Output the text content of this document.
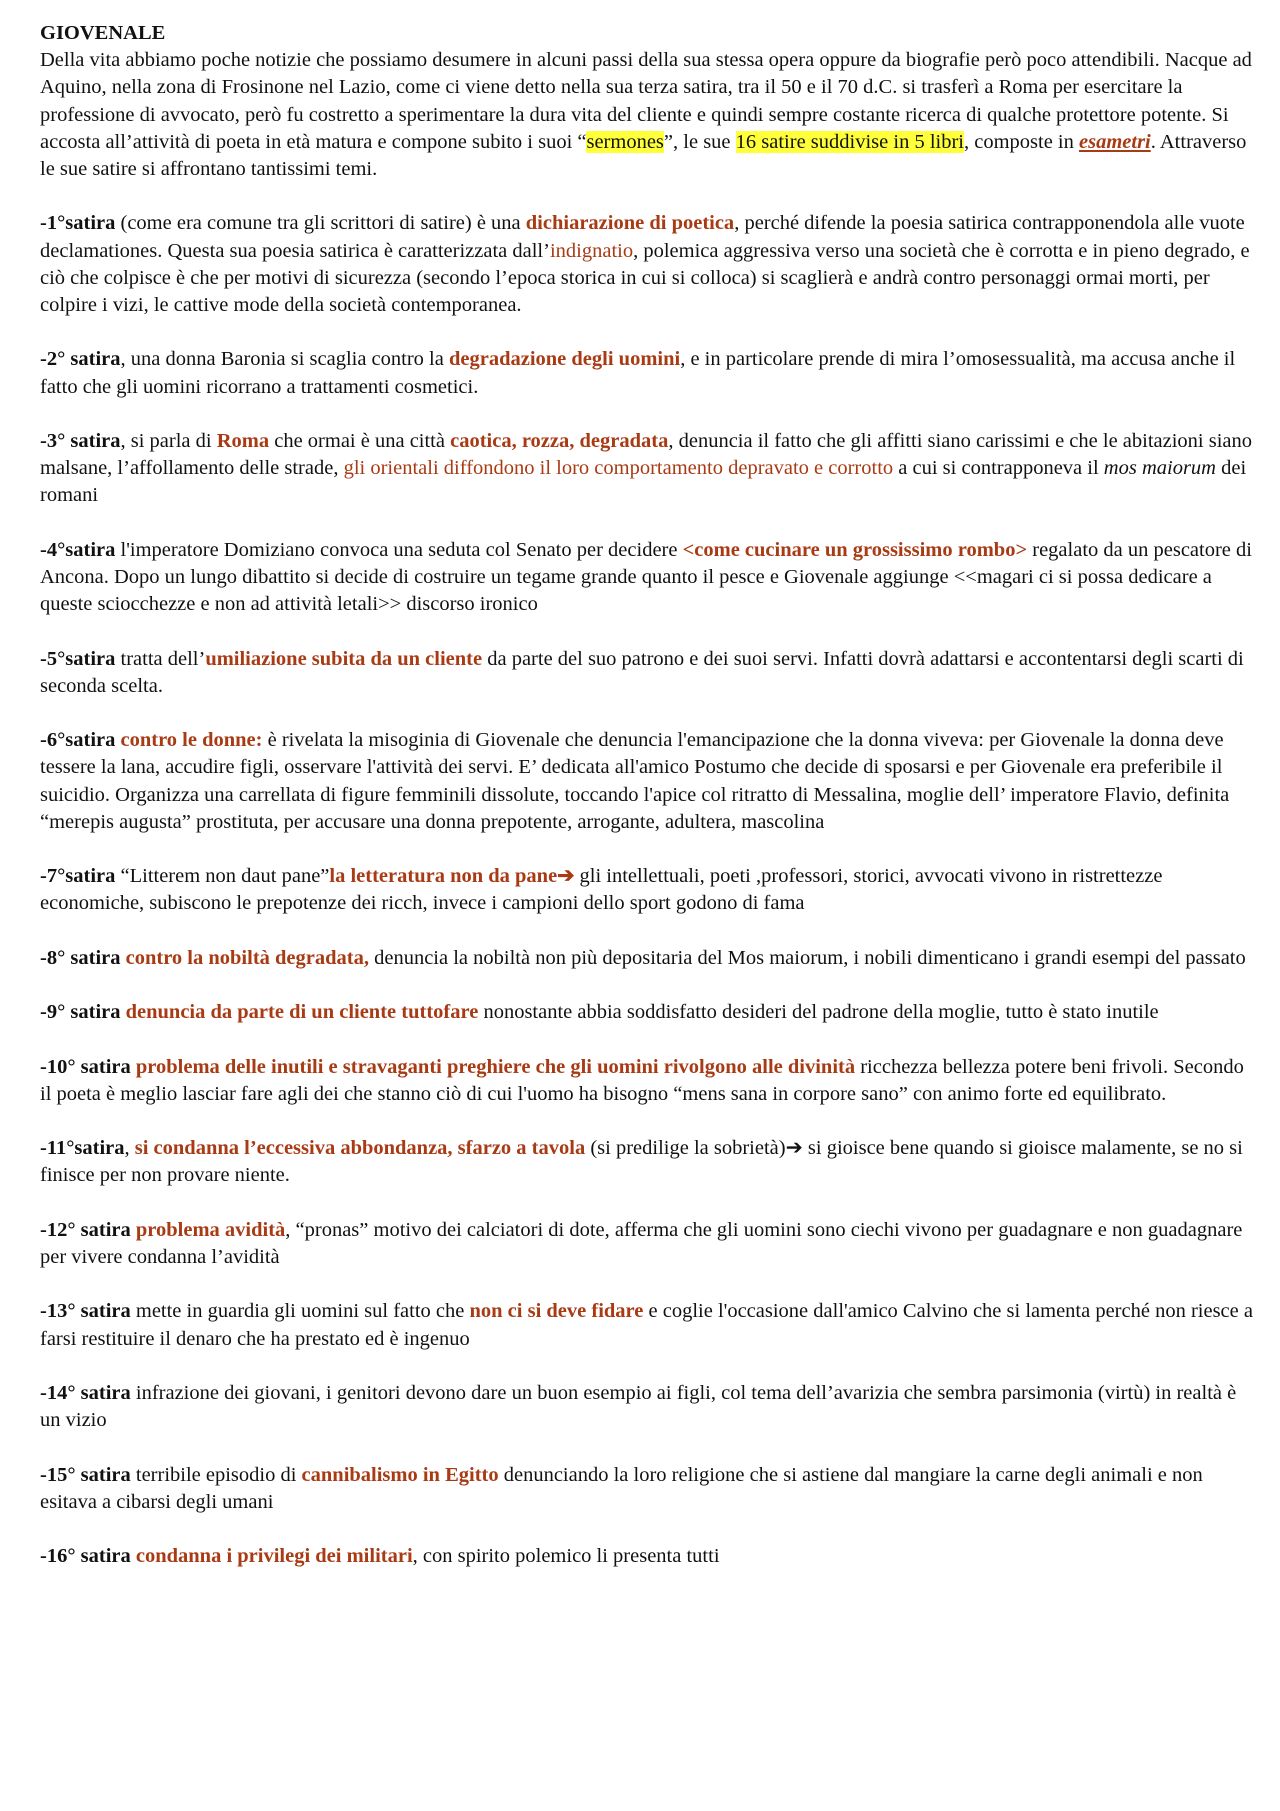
GIOVENALE

Della vita abbiamo poche notizie che possiamo desumere in alcuni passi della sua stessa opera oppure da biografie però poco attendibili. Nacque ad Aquino, nella zona di Frosinone nel Lazio, come ci viene detto nella sua terza satira, tra il 50 e il 70 d.C. si trasferì a Roma per esercitare la professione di avvocato, però fu costretto a sperimentare la dura vita del cliente e quindi sempre costante ricerca di qualche protettore potente. Si accosta all’attività di poeta in età matura e compone subito i suoi “sermones”, le sue 16 satire suddivise in 5 libri, composte in esametri. Attraverso le sue satire si affrontano tantissimi temi.

-1°satira (come era comune tra gli scrittori di satire) è una dichiarazione di poetica, perché difende la poesia satirica contrapponendola alle vuote declamationes. Questa sua poesia satirica è caratterizzata dall’indignatio, polemica aggressiva verso una società che è corrotta e in pieno degrado, e ciò che colpisce è che per motivi di sicurezza (secondo l’epoca storica in cui si colloca) si scaglierà e andrà contro personaggi ormai morti, per colpire i vizi, le cattive mode della società contemporanea.

-2° satira, una donna Baronia si scaglia contro la degradazione degli uomini, e in particolare prende di mira l’omosessualità, ma accusa anche il fatto che gli uomini ricorrano a trattamenti cosmetici.

-3° satira, si parla di Roma che ormai è una città caotica, rozza, degradata, denuncia il fatto che gli affitti siano carissimi e che le abitazioni siano malsane, l’affollamento delle strade, gli orientali diffondono il loro comportamento depravato e corrotto a cui si contrapponeva il mos maiorum dei romani

-4°satira l'imperatore Domiziano convoca una seduta col Senato per decidere <come cucinare un grossissimo rombo> regalato da un pescatore di Ancona. Dopo un lungo dibattito si decide di costruire un tegame grande quanto il pesce e Giovenale aggiunge <<magari ci si possa dedicare a queste sciocchezze e non ad attività letali>> discorso ironico

-5°satira tratta dell’umiliazione subita da un cliente da parte del suo patrono e dei suoi servi. Infatti dovrà adattarsi e accontentarsi degli scarti di seconda scelta.

-6°satira contro le donne: è rivelata la misoginia di Giovenale che denuncia l'emancipazione che la donna viveva: per Giovenale la donna deve tessere la lana, accudire figli, osservare l'attività dei servi. E’ dedicata all'amico Postumo che decide di sposarsi e per Giovenale era preferibile il suicidio. Organizza una carrellata di figure femminili dissolute, toccando l'apice col ritratto di Messalina, moglie dell’ imperatore Flavio, definita “merepis augusta” prostituta, per accusare una donna prepotente, arrogante, adultera, mascolina

-7°satira “Litterem non daut pane”la letteratura non da pane➔ gli intellettuali, poeti ,professori, storici, avvocati vivono in ristrettezze economiche, subiscono le prepotenze dei ricch, invece i campioni dello sport godono di fama

-8° satira contro la nobiltà degradata, denuncia la nobiltà non più depositaria del Mos maiorum, i nobili dimenticano i grandi esempi del passato

-9° satira denuncia da parte di un cliente tuttofare nonostante abbia soddisfatto desideri del padrone della moglie, tutto è stato inutile

-10° satira problema delle inutili e stravaganti preghiere che gli uomini rivolgono alle divinità ricchezza bellezza potere beni frivoli. Secondo il poeta è meglio lasciar fare agli dei che stanno ciò di cui l'uomo ha bisogno “mens sana in corpore sano” con animo forte ed equilibrato.

-11°satira, si condanna l’eccessiva abbondanza, sfarzo a tavola (si predilige la sobrietà)➔ si gioisce bene quando si gioisce malamente, se no si finisce per non provare niente.

-12° satira problema avidità, “pronas” motivo dei calciatori di dote, afferma che gli uomini sono ciechi vivono per guadagnare e non guadagnare per vivere condanna l’avidità

-13° satira mette in guardia gli uomini sul fatto che non ci si deve fidare e coglie l'occasione dall'amico Calvino che si lamenta perché non riesce a farsi restituire il denaro che ha prestato ed è ingenuo

-14° satira infrazione dei giovani, i genitori devono dare un buon esempio ai figli, col tema dell’avarizia che sembra parsimonia (virtù) in realtà è un vizio

-15° satira terribile episodio di cannibalismo in Egitto denunciando la loro religione che si astiene dal mangiare la carne degli animali e non esitava a cibarsi degli umani

-16° satira condanna i privilegi dei militari, con spirito polemico li presenta tutti
